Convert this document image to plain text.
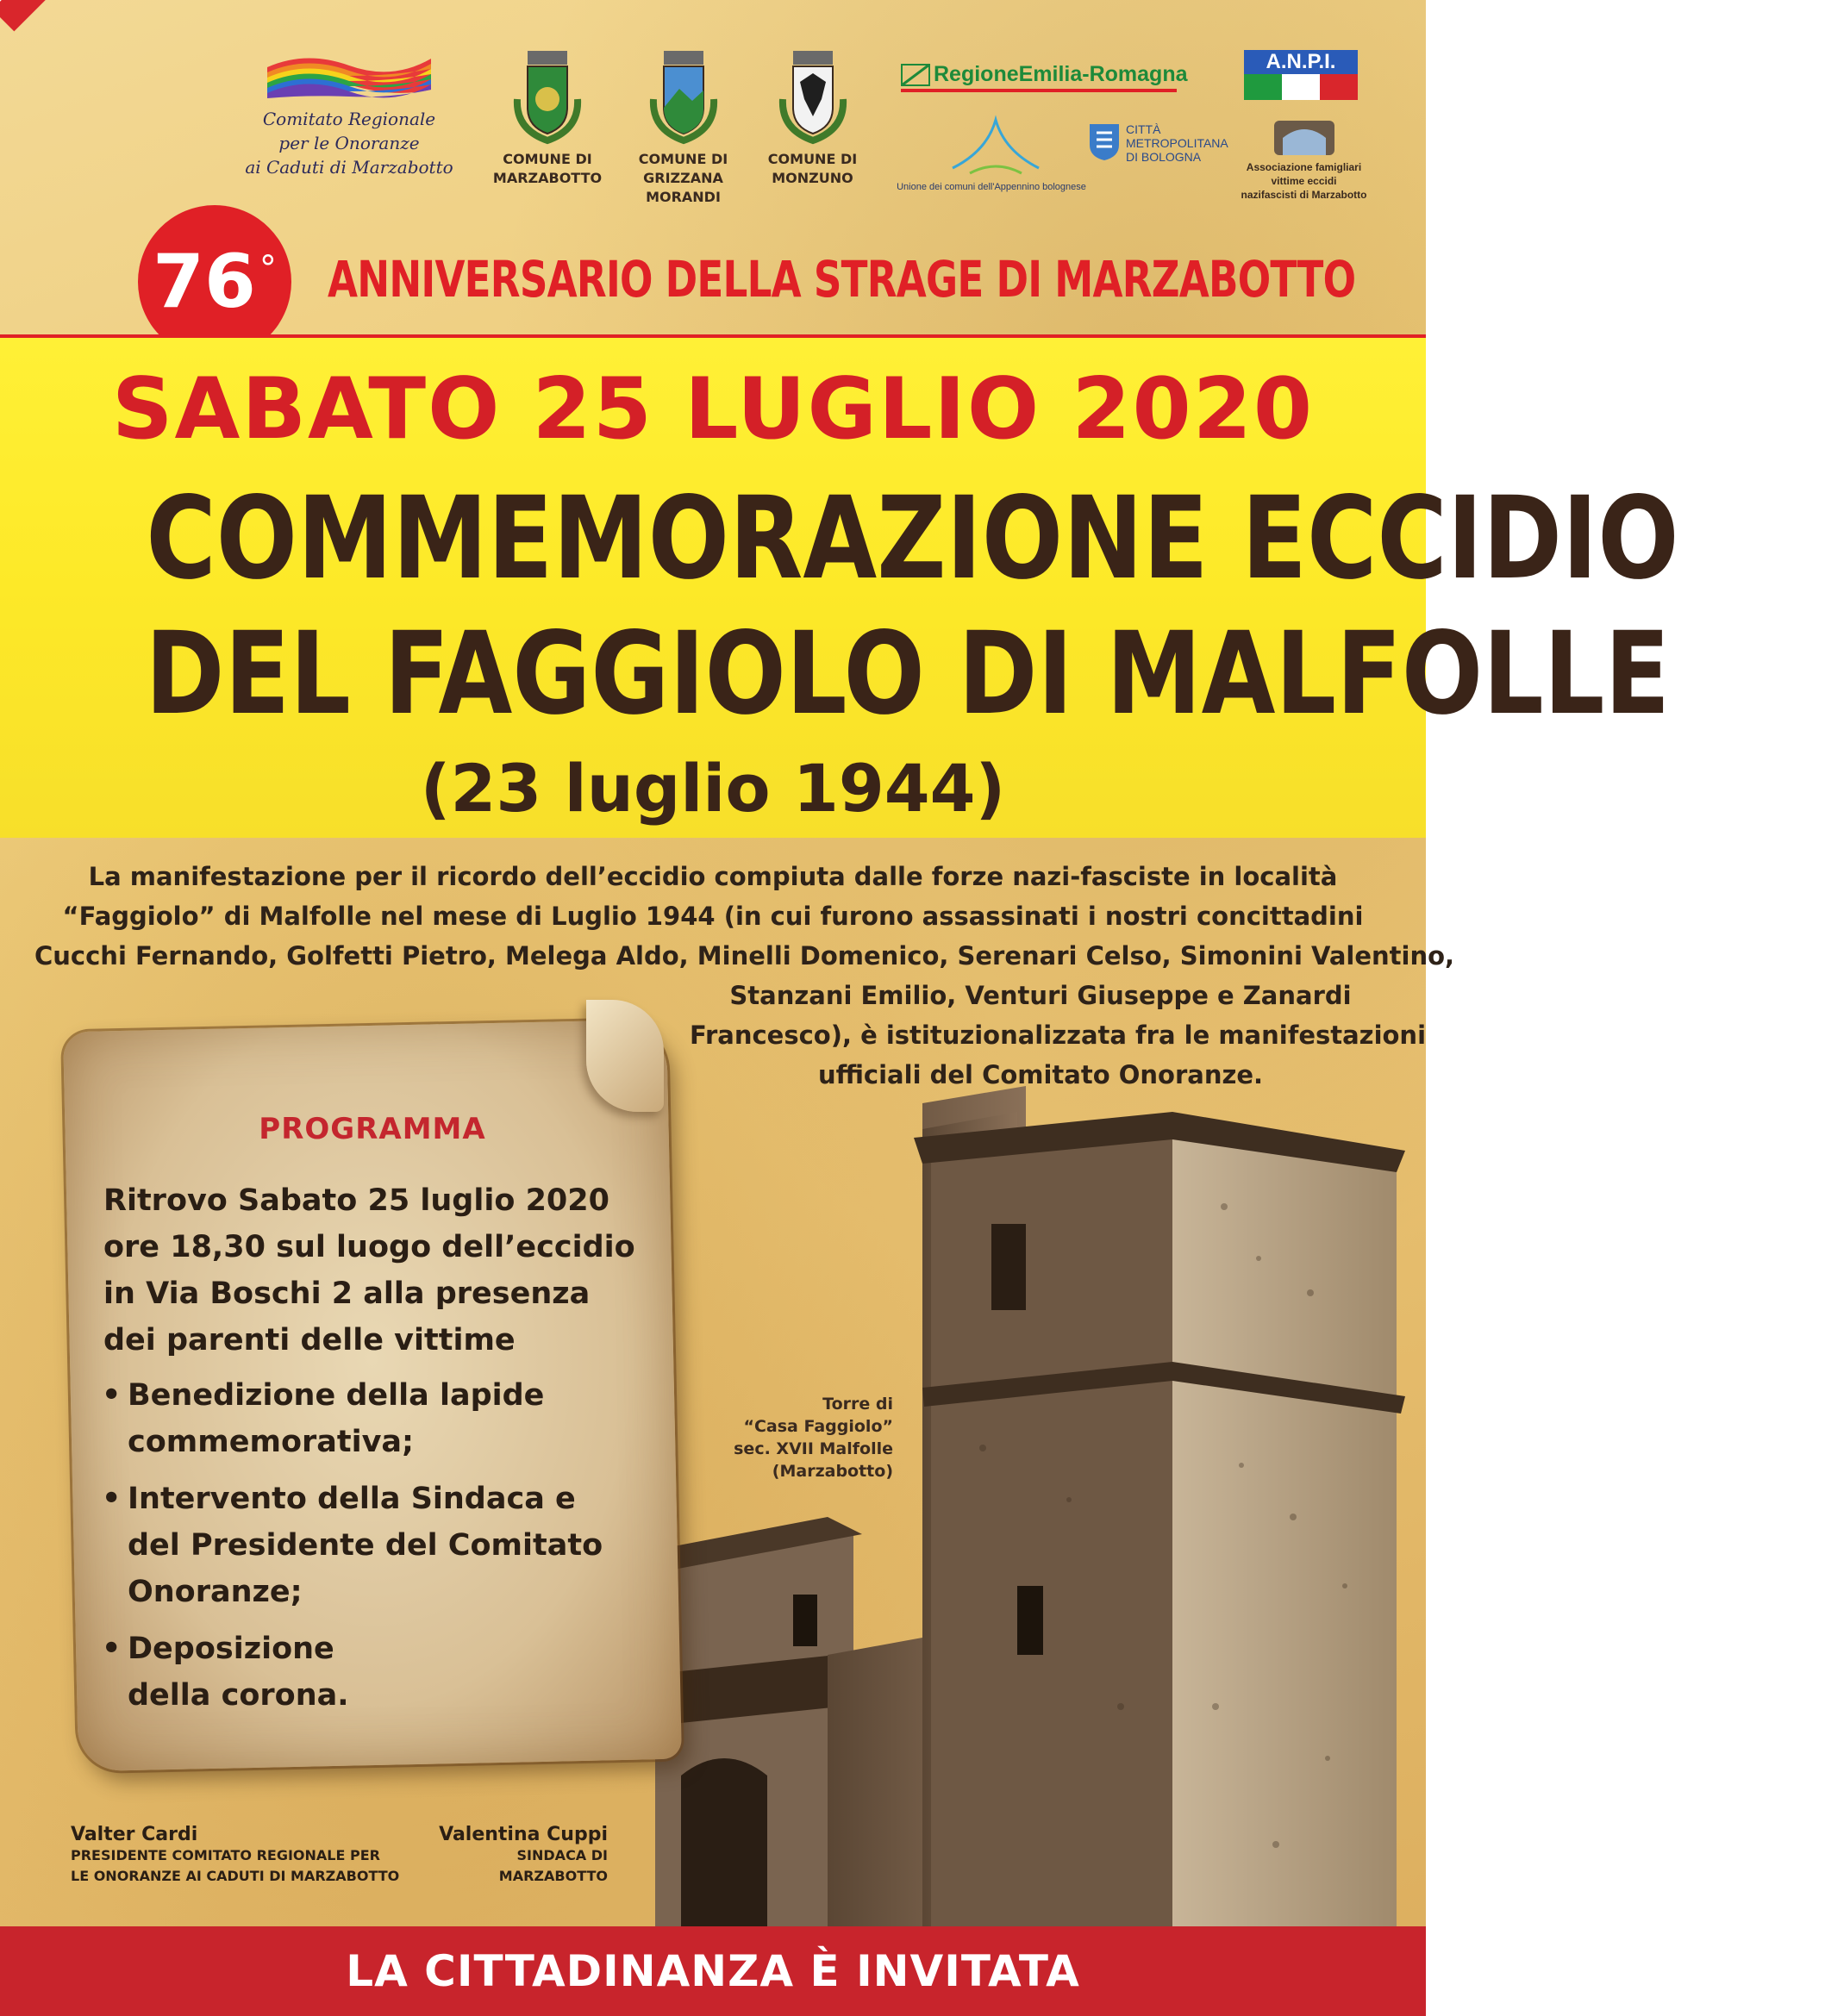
Comitato Regionale
per le Onoranze
ai Caduti di Marzabotto	COMUNE DI
MARZABOTTO
COMUNE DI
GRIZZANA MORANDI
COMUNE DI
MONZUNO
RegioneEmilia-Romagna
Unione dei comuni dell'Appennino bolognese
CITTÀ
METROPOLITANA
DI BOLOGNA
A.N.P.I.
Associazione famigliari
vittime eccidi
nazifascisti di Marzabotto
76 ° ANNIVERSARIO DELLA STRAGE DI MARZABOTTO
SABATO 25 LUGLIO 2020
COMMEMORAZIONE ECCIDIO
DEL FAGGIOLO DI MALFOLLE
(23 luglio 1944)
La manifestazione per il ricordo dell’eccidio compiuta dalle forze nazi-fasciste in località
“Faggiolo” di Malfolle nel mese di Luglio 1944 (in cui furono assassinati i nostri concittadini
Cucchi Fernando, Golfetti Pietro, Melega Aldo, Minelli Domenico, Serenari Celso, Simonini Valentino,
Stanzani Emilio, Venturi Giuseppe e Zanardi
Francesco), è istituzionalizzata fra le manifestazioni
ufficiali del Comitato Onoranze.
Torre di
“Casa Faggiolo”
sec. XVII Malfolle
(Marzabotto)
PROGRAMMA
Ritrovo Sabato 25 luglio 2020
ore 18,30 sul luogo dell’eccidio
in Via Boschi 2 alla presenza
dei parenti delle vittime
• Benedizione della lapide
commemorativa;
• Intervento della Sindaca e
del Presidente del Comitato
Onoranze;
• Deposizione
della corona.
Valter Cardi
PRESIDENTE COMITATO REGIONALE PER
LE ONORANZE AI CADUTI DI MARZABOTTO
Valentina Cuppi
SINDACA DI
MARZABOTTO
LA CITTADINANZA È INVITATA
